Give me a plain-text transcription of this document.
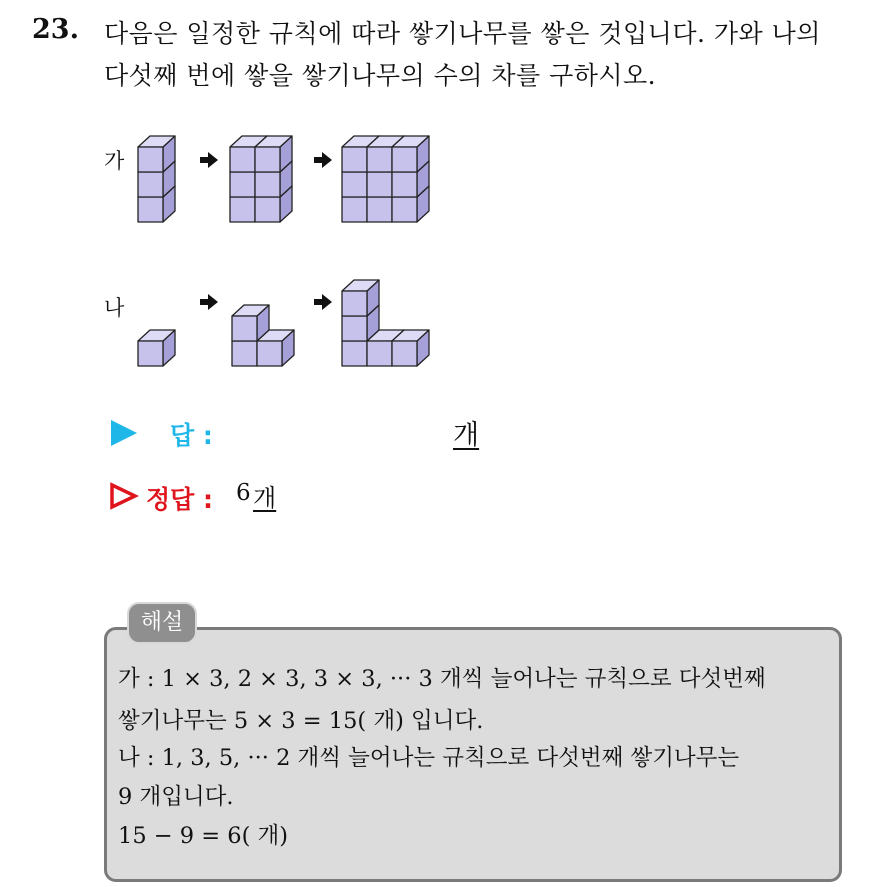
23. 다음은 일정한 규칙에 따라 쌓기나무를 쌓은 것입니다. 가와 나의
다섯째 번에 쌓을 쌓기나무의 수의 차를 구하시오.
가
나
답 :	개
정답 : 6 개
해설
가 : 1 × 3, 2 × 3, 3 × 3, ··· 3 개씩 늘어나는 규칙으로 다섯번째
쌓기나무는 5 × 3 = 15( 개) 입니다.
나 : 1, 3, 5, ··· 2 개씩 늘어나는 규칙으로 다섯번째 쌓기나무는
9 개입니다.
15 − 9 = 6( 개)
